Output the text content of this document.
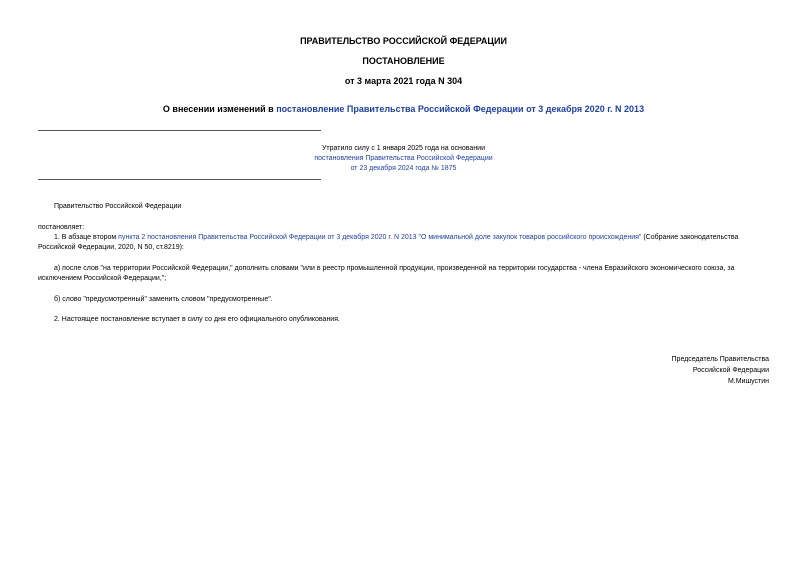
ПРАВИТЕЛЬСТВО РОССИЙСКОЙ ФЕДЕРАЦИИ
ПОСТАНОВЛЕНИЕ
от 3 марта 2021 года N 304
О внесении изменений в постановление Правительства Российской Федерации от 3 декабря 2020 г. N 2013
Утратило силу с 1 января 2025 года на основании
постановления Правительства Российской Федерации
от 23 декабря 2024 года № 1875
Правительство Российской Федерации
постановляет:
1. В абзаце втором пункта 2 постановления Правительства Российской Федерации от 3 декабря 2020 г. N 2013 "О минимальной доле закупок товаров российского происхождения" (Собрание законодательства
Российской Федерации, 2020, N 50, ст.8219):
а) после слов "на территории Российской Федерации," дополнить словами "или в реестр промышленной продукции, произведенной на территории государства - члена Евразийского экономического союза, за
исключением Российской Федерации,";
б) слово "предусмотренный" заменить словом "предусмотренные".
2. Настоящее постановление вступает в силу со дня его официального опубликования.
Председатель Правительства
Российской Федерации
М.Мишустин
